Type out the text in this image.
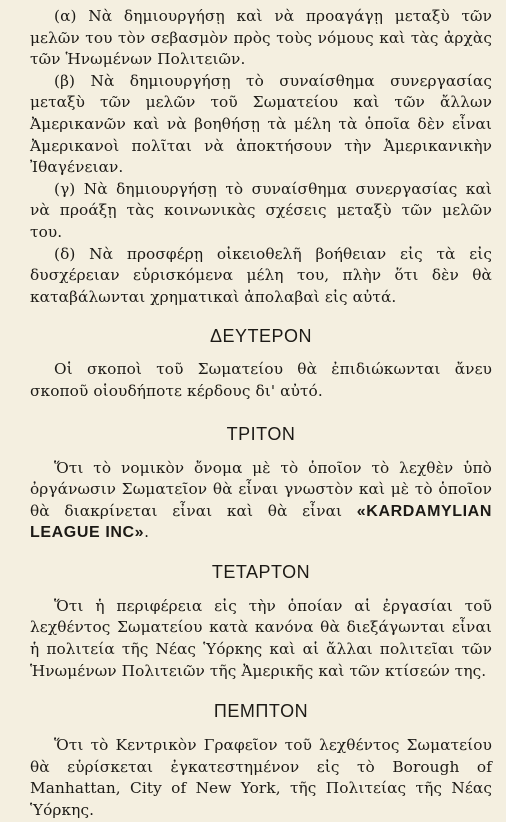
(α) Νὰ δημιουργήσῃ καὶ νὰ προαγάγῃ μεταξὺ τῶν μελῶν του τὸν σεβασμὸν πρὸς τοὺς νόμους καὶ τὰς ἀρχὰς τῶν Ἡνωμένων Πολιτειῶν.

(β) Νὰ δημιουργήσῃ τὸ συναίσθημα συνεργασίας μεταξὺ τῶν μελῶν τοῦ Σωματείου καὶ τῶν ἄλλων Ἀμερικανῶν καὶ νὰ βοηθήσῃ τὰ μέλη τὰ ὁποῖα δὲν εἶναι Ἀμερικανοὶ πολῖται νὰ ἀποκτήσουν τὴν Ἀμερικανικὴν Ἰθαγένειαν.

(γ) Νὰ δημιουργήσῃ τὸ συναίσθημα συνεργασίας καὶ νὰ προάξῃ τὰς κοινωνικὰς σχέσεις μεταξὺ τῶν μελῶν του.

(δ) Νὰ προσφέρῃ οἰκειοθελῆ βοήθειαν εἰς τὰ εἰς δυσχέρειαν εὑρισκόμενα μέλη του, πλὴν ὅτι δὲν θὰ καταβάλωνται χρηματικαὶ ἀπολαβαὶ εἰς αὐτά.

ΔΕΥΤΕΡΟΝ

Οἱ σκοποὶ τοῦ Σωματείου θὰ ἐπιδιώκωνται ἄνευ σκοποῦ οἱουδήποτε κέρδους δι' αὐτό.

ΤΡΙΤΟΝ

Ὅτι τὸ νομικὸν ὄνομα μὲ τὸ ὁποῖον τὸ λεχθὲν ὑπὸ ὀργάνωσιν Σωματεῖον θὰ εἶναι γνωστὸν καὶ μὲ τὸ ὁποῖον θὰ διακρίνεται εἶναι καὶ θὰ εἶναι «KARDAMYLIAN LEAGUE INC».

ΤΕΤΑΡΤΟΝ

Ὅτι ἡ περιφέρεια εἰς τὴν ὁποίαν αἱ ἐργασίαι τοῦ λεχθέντος Σωματείου κατὰ κανόνα θὰ διεξάγωνται εἶναι ἡ πολιτεία τῆς Νέας Ὑόρκης καὶ αἱ ἄλλαι πολιτεῖαι τῶν Ἡνωμένων Πολιτειῶν τῆς Ἀμερικῆς καὶ τῶν κτίσεών της.

ΠΕΜΠΤΟΝ

Ὅτι τὸ Κεντρικὸν Γραφεῖον τοῦ λεχθέντος Σωματείου θὰ εὑρίσκεται ἐγκατεστημένον εἰς τὸ Borough of Manhattan, City of New York, τῆς Πολιτείας τῆς Νέας Ὑόρκης.
